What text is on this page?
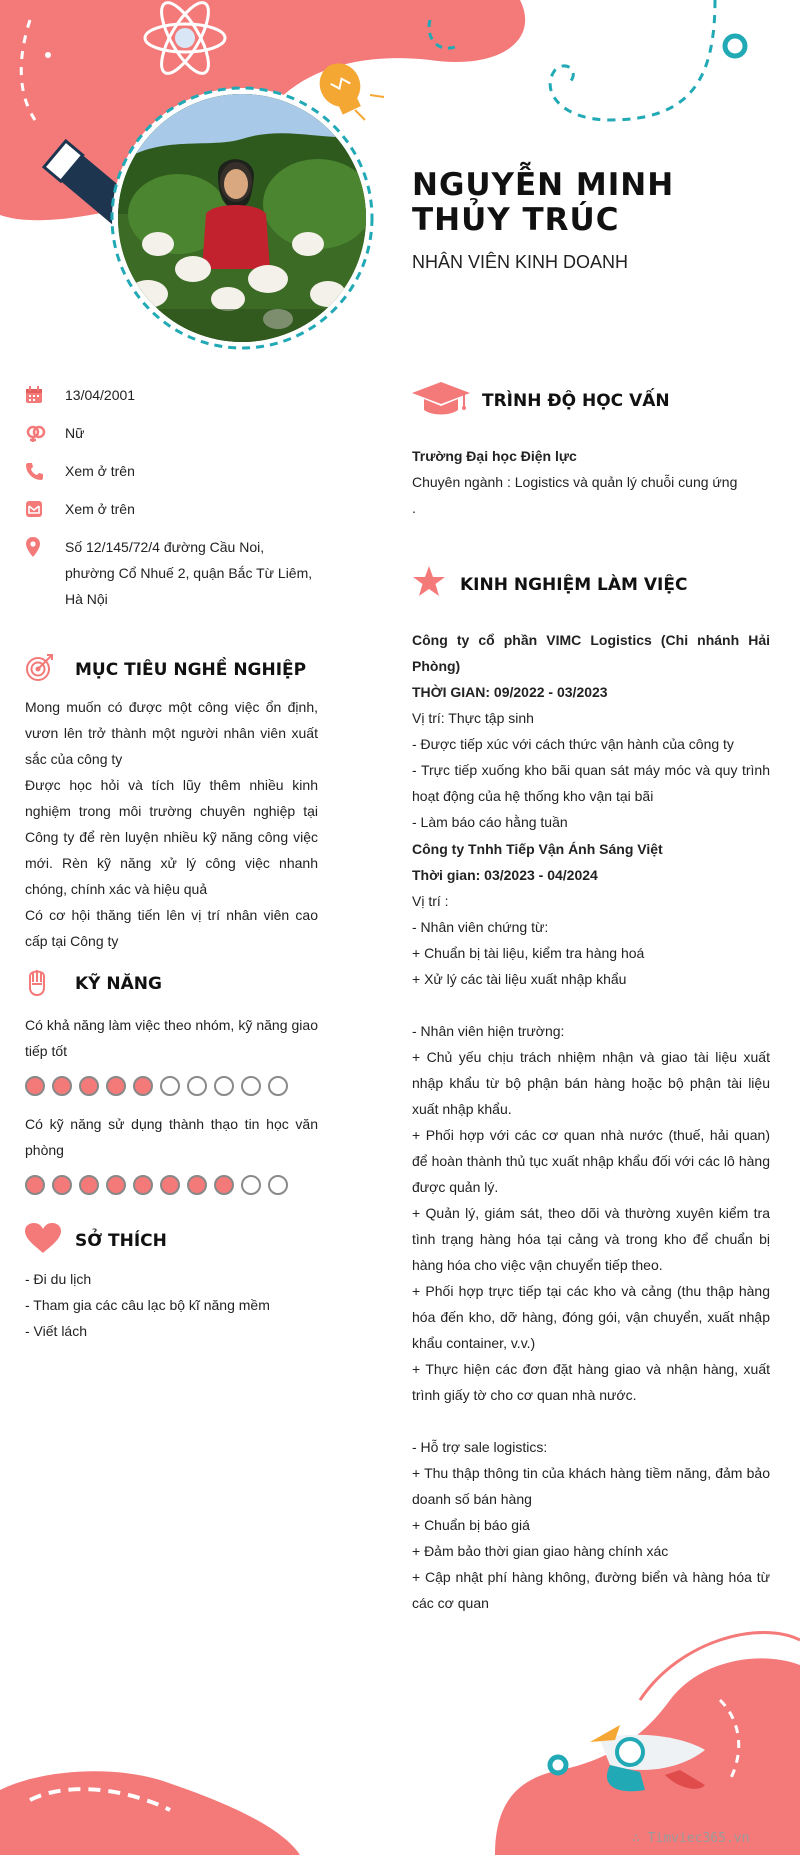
NGUYỄN MINH THỦY TRÚC
NHÂN VIÊN KINH DOANH
13/04/2001
Nữ
Xem ở trên
Xem ở trên
Số 12/145/72/4 đường Cầu Noi,
phường Cổ Nhuế 2, quận Bắc Từ Liêm,
Hà Nội
MỤC TIÊU NGHỀ NGHIỆP

Mong muốn có được một công việc ổn định, vươn lên trở thành một người nhân viên xuất sắc của công ty

Được học hỏi và tích lũy thêm nhiều kinh nghiệm trong môi trường chuyên nghiệp tại Công ty để rèn luyện nhiều kỹ năng công việc mới. Rèn kỹ năng xử lý công việc nhanh chóng, chính xác và hiệu quả

Có cơ hội thăng tiến lên vị trí nhân viên cao cấp tại Công ty

KỸ NĂNG
Có khả năng làm việc theo nhóm, kỹ năng giao tiếp tốt
Có kỹ năng sử dụng thành thạo tin học văn phòng
SỞ THÍCH

- Đi du lịch

- Tham gia các câu lạc bộ kĩ năng mềm

- Viết lách

TRÌNH ĐỘ HỌC VẤN
Trường Đại học Điện lực
Chuyên ngành : Logistics và quản lý chuỗi cung ứng
.
KINH NGHIỆM LÀM VIỆC

Công ty cổ phần VIMC Logistics (Chi nhánh Hải Phòng)

THỜI GIAN: 09/2022 - 03/2023

Vị trí: Thực tập sinh

- Được tiếp xúc với cách thức vận hành của công ty

- Trực tiếp xuống kho bãi quan sát máy móc và quy trình hoạt động của hệ thống kho vận tại bãi

- Làm báo cáo hằng tuần

Công ty Tnhh Tiếp Vận Ánh Sáng Việt

Thời gian: 03/2023 - 04/2024

Vị trí :

- Nhân viên chứng từ:

+ Chuẩn bị tài liệu, kiểm tra hàng hoá

+ Xử lý các tài liệu xuất nhập khẩu

- Nhân viên hiện trường:

+ Chủ yếu chịu trách nhiệm nhận và giao tài liệu xuất nhập khẩu từ bộ phận bán hàng hoặc bộ phận tài liệu xuất nhập khẩu.

+ Phối hợp với các cơ quan nhà nước (thuế, hải quan) để hoàn thành thủ tục xuất nhập khẩu đối với các lô hàng được quản lý.

+ Quản lý, giám sát, theo dõi và thường xuyên kiểm tra tình trạng hàng hóa tại cảng và trong kho để chuẩn bị hàng hóa cho việc vận chuyển tiếp theo.

+ Phối hợp trực tiếp tại các kho và cảng (thu thập hàng hóa đến kho, dỡ hàng, đóng gói, vận chuyển, xuất nhập khẩu container, v.v.)

+ Thực hiện các đơn đặt hàng giao và nhận hàng, xuất trình giấy tờ cho cơ quan nhà nước.

- Hỗ trợ sale logistics:

+ Thu thập thông tin của khách hàng tiềm năng, đảm bảo doanh số bán hàng

+ Chuẩn bị báo giá

+ Đảm bảo thời gian giao hàng chính xác

+ Cập nhật phí hàng không, đường biển và hàng hóa từ các cơ quan

∴ Timviec365.vn
